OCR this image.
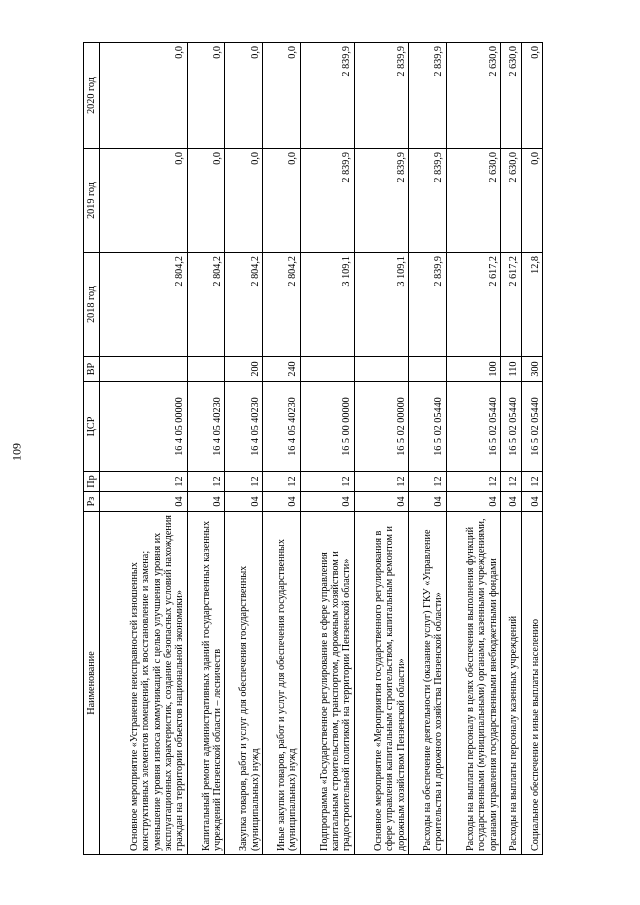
109
Наименование	Рз	Пр	ЦСР	ВР	2018 год	2019 год	2020 год
Основное мероприятие «Устранение неисправностей изношенных конструктивных элементов помещений, их восстановление и замена; уменьшение уровня износа коммуникаций с целью улучшения уровня их эксплуатационных характеристик, создание безопасных условий нахождения граждан на территории объектов национальной экономики»	04	12	16 4 05 00000		2 804,2	0,0	0,0
Капитальный ремонт административных зданий государственных казенных учреждений Пензенской области – лесничеств	04	12	16 4 05 40230		2 804,2	0,0	0,0
Закупка товаров, работ и услуг для обеспечения государственных (муниципальных) нужд	04	12	16 4 05 40230	200	2 804,2	0,0	0,0
Иные закупки товаров, работ и услуг для обеспечения государственных (муниципальных) нужд	04	12	16 4 05 40230	240	2 804,2	0,0	0,0
Подпрограмма «Государственное регулирование в сфере управления капитальным строительством, транспортом, дорожным хозяйством и градостроительной политикой на территории Пензенской области»	04	12	16 5 00 00000		3 109,1	2 839,9	2 839,9
Основное мероприятие «Мероприятия государственного регулирования в сфере управления капитальным строительством, капитальным ремонтом и дорожным хозяйством Пензенской области»	04	12	16 5 02 00000		3 109,1	2 839,9	2 839,9
Расходы на обеспечение деятельности (оказание услуг) ГКУ «Управление строительства и дорожного хозяйства Пензенской области»	04	12	16 5 02 05440		2 839,9	2 839,9	2 839,9
Расходы на выплаты персоналу в целях обеспечения выполнения функций государственными (муниципальными) органами, казенными учреждениями, органами управления государственными внебюджетными фондами	04	12	16 5 02 05440	100	2 617,2	2 630,0	2 630,0
Расходы на выплаты персоналу казенных учреждений	04	12	16 5 02 05440	110	2 617,2	2 630,0	2 630,0
Социальное обеспечение и иные выплаты населению	04	12	16 5 02 05440	300	12,8	0,0	0,0
